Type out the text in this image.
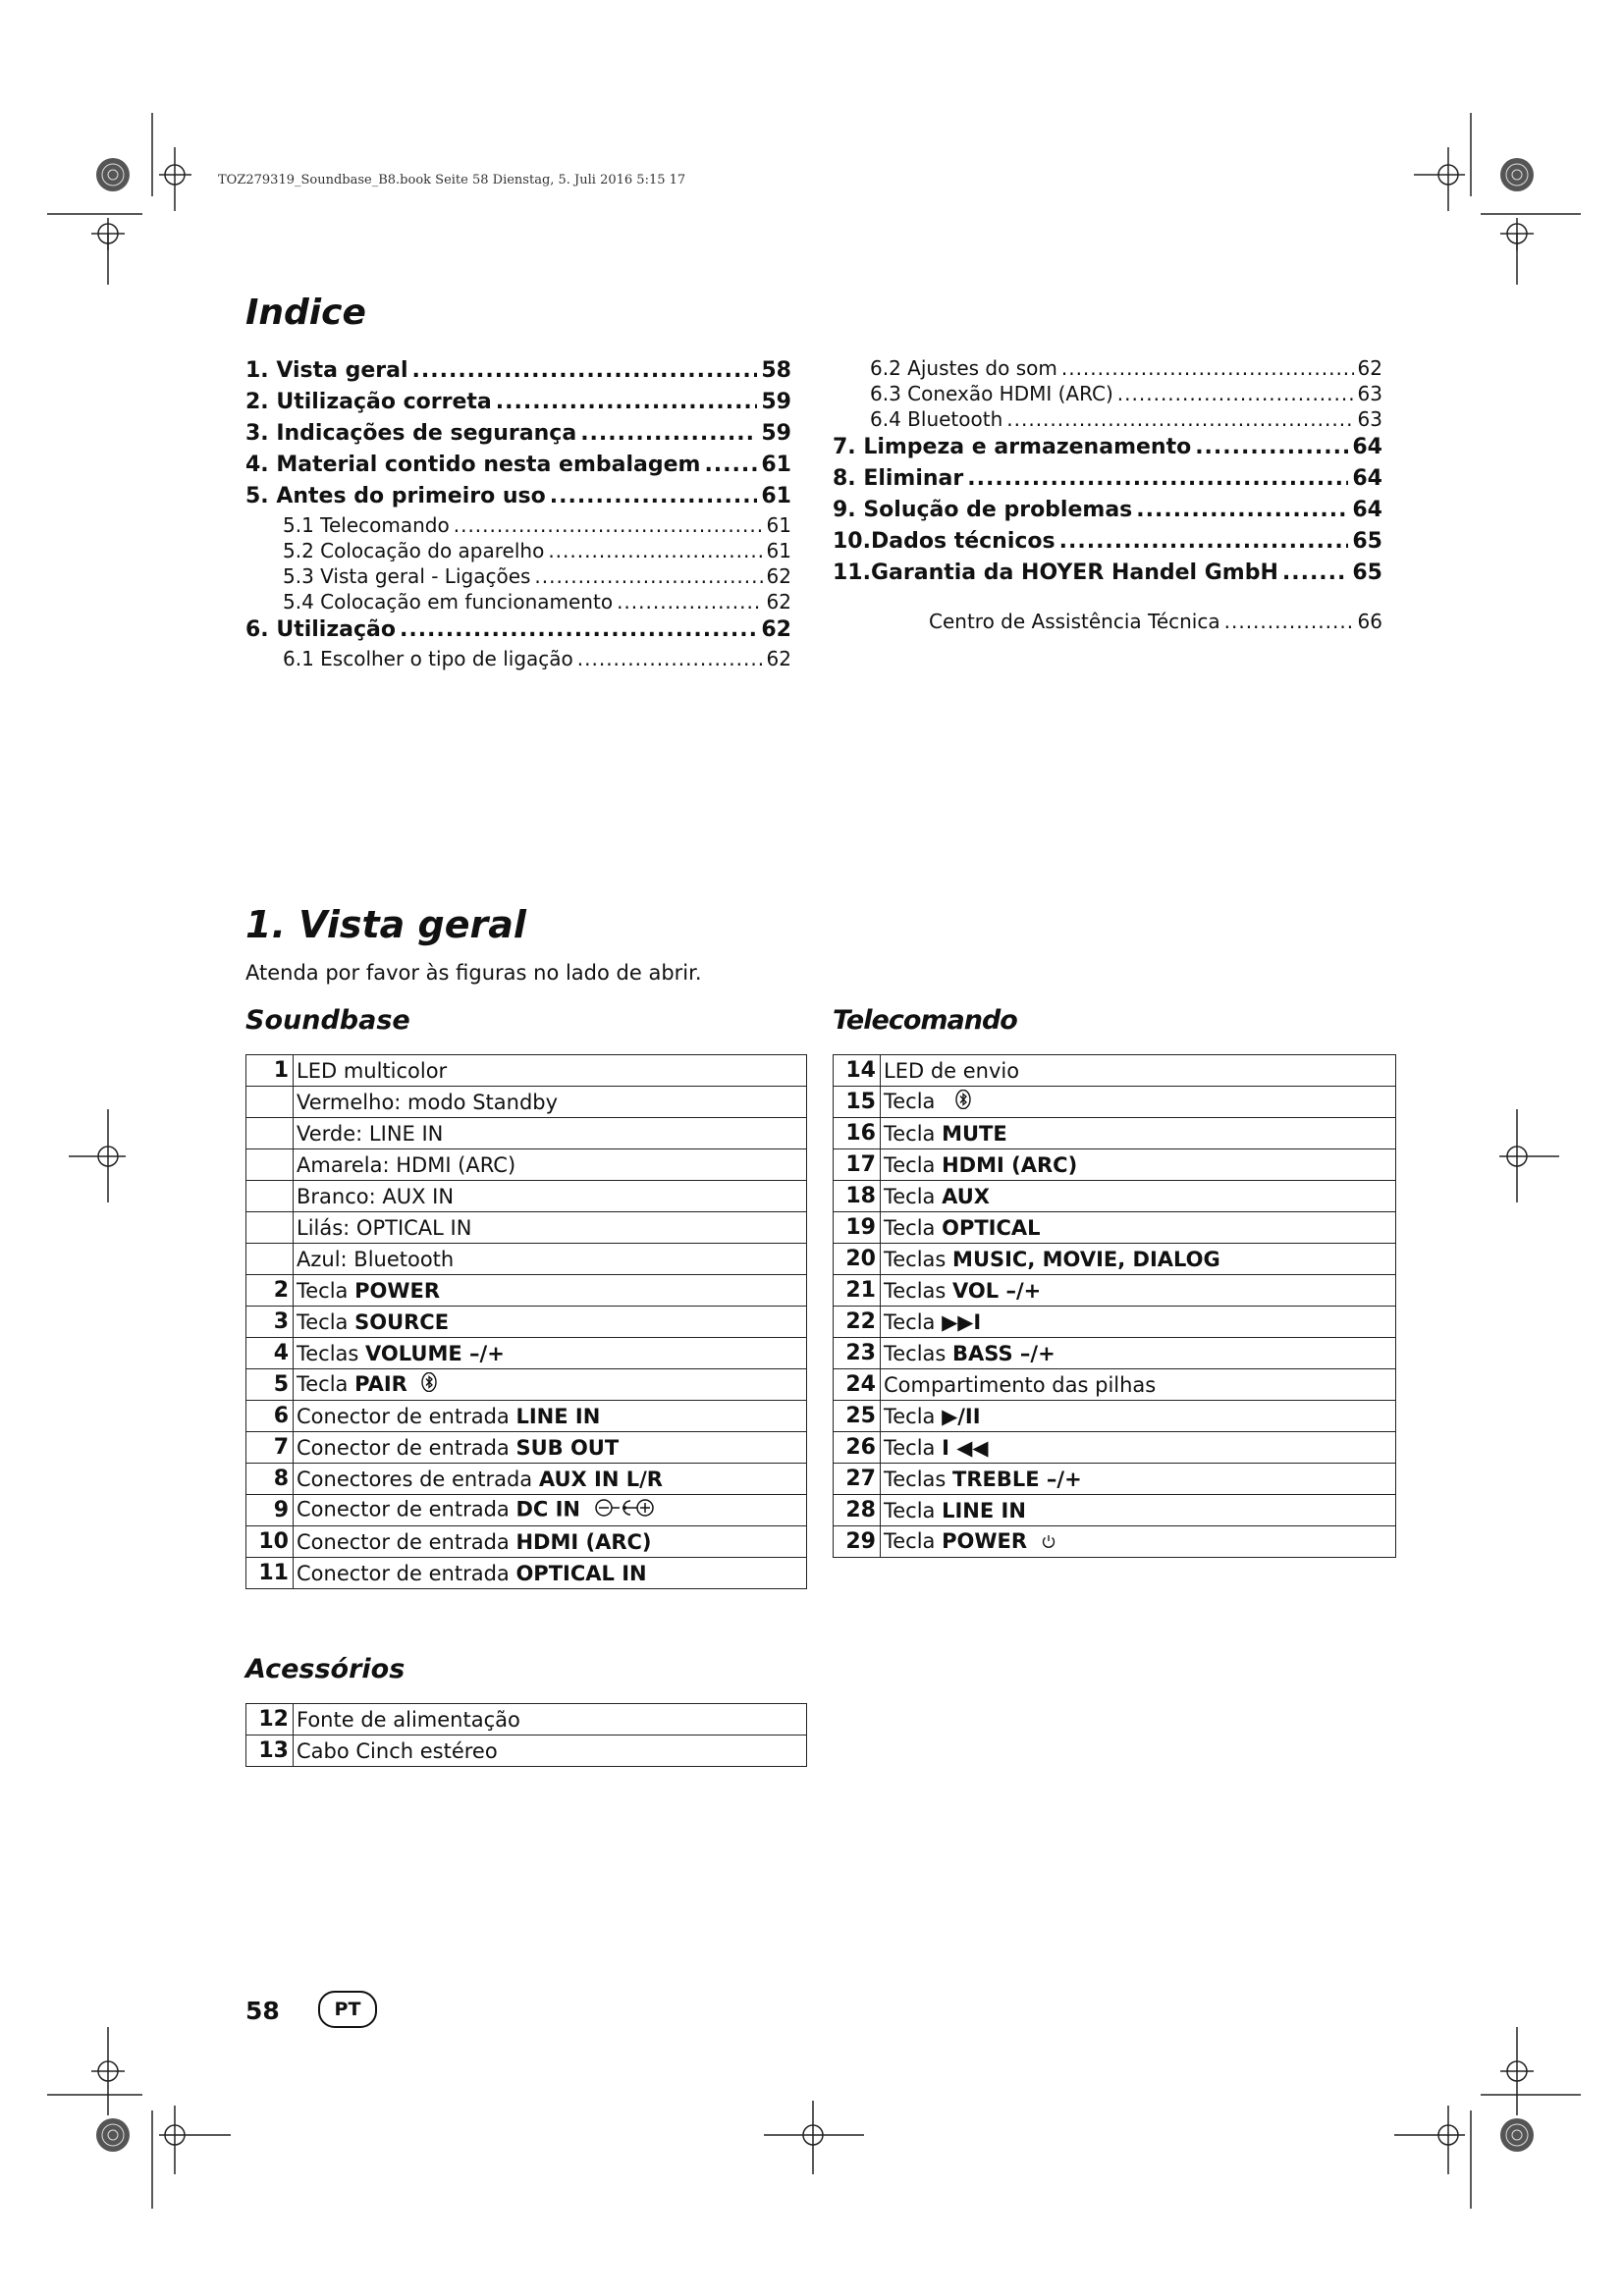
TOZ279319_Soundbase_B8.book Seite 58 Dienstag, 5. Juli 2016 5:15 17
Indice
1. Vista geral .....	58
2. Utilização correta .....	59
3. Indicações de segurança .....	59
4. Material contido nesta embalagem .....	61
5. Antes do primeiro uso .....	61
5.1 Telecomando .....	61
5.2 Colocação do aparelho .....	61
5.3 Vista geral - Ligações .....	62
5.4 Colocação em funcionamento .....	62
6. Utilização .....	62
6.1 Escolher o tipo de ligação .....	62
6.2 Ajustes do som .....	62
6.3 Conexão HDMI (ARC) .....	63
6.4 Bluetooth .....	63
7. Limpeza e armazenamento .....	64
8. Eliminar .....	64
9. Solução de problemas .....	64
10.Dados técnicos .....	65
11.Garantia da HOYER Handel GmbH .....	65
Centro de Assistência Técnica .....	66
1. Vista geral
Atenda por favor às figuras no lado de abrir.
Soundbase	Telecomando
1	LED multicolor
	Vermelho: modo Standby
	Verde: LINE IN
	Amarela: HDMI (ARC)
	Branco: AUX IN
	Lilás: OPTICAL IN
	Azul: Bluetooth
2	Tecla POWER
3	Tecla SOURCE
4	Teclas VOLUME –/+
5	Tecla PAIR
6	Conector de entrada LINE IN
7	Conector de entrada SUB OUT
8	Conectores de entrada AUX IN L/R
9	Conector de entrada DC IN
10	Conector de entrada HDMI (ARC)
11	Conector de entrada OPTICAL IN
14	LED de envio
15	Tecla
16	Tecla MUTE
17	Tecla HDMI (ARC)
18	Tecla AUX
19	Tecla OPTICAL
20	Teclas MUSIC, MOVIE, DIALOG
21	Teclas VOL –/+
22	Tecla ▶▶I
23	Teclas BASS –/+
24	Compartimento das pilhas
25	Tecla ▶/II
26	Tecla I ◀◀
27	Teclas TREBLE –/+
28	Tecla LINE IN
29	Tecla POWER
Acessórios
12	Fonte de alimentação
13	Cabo Cinch estéreo
58	PT
